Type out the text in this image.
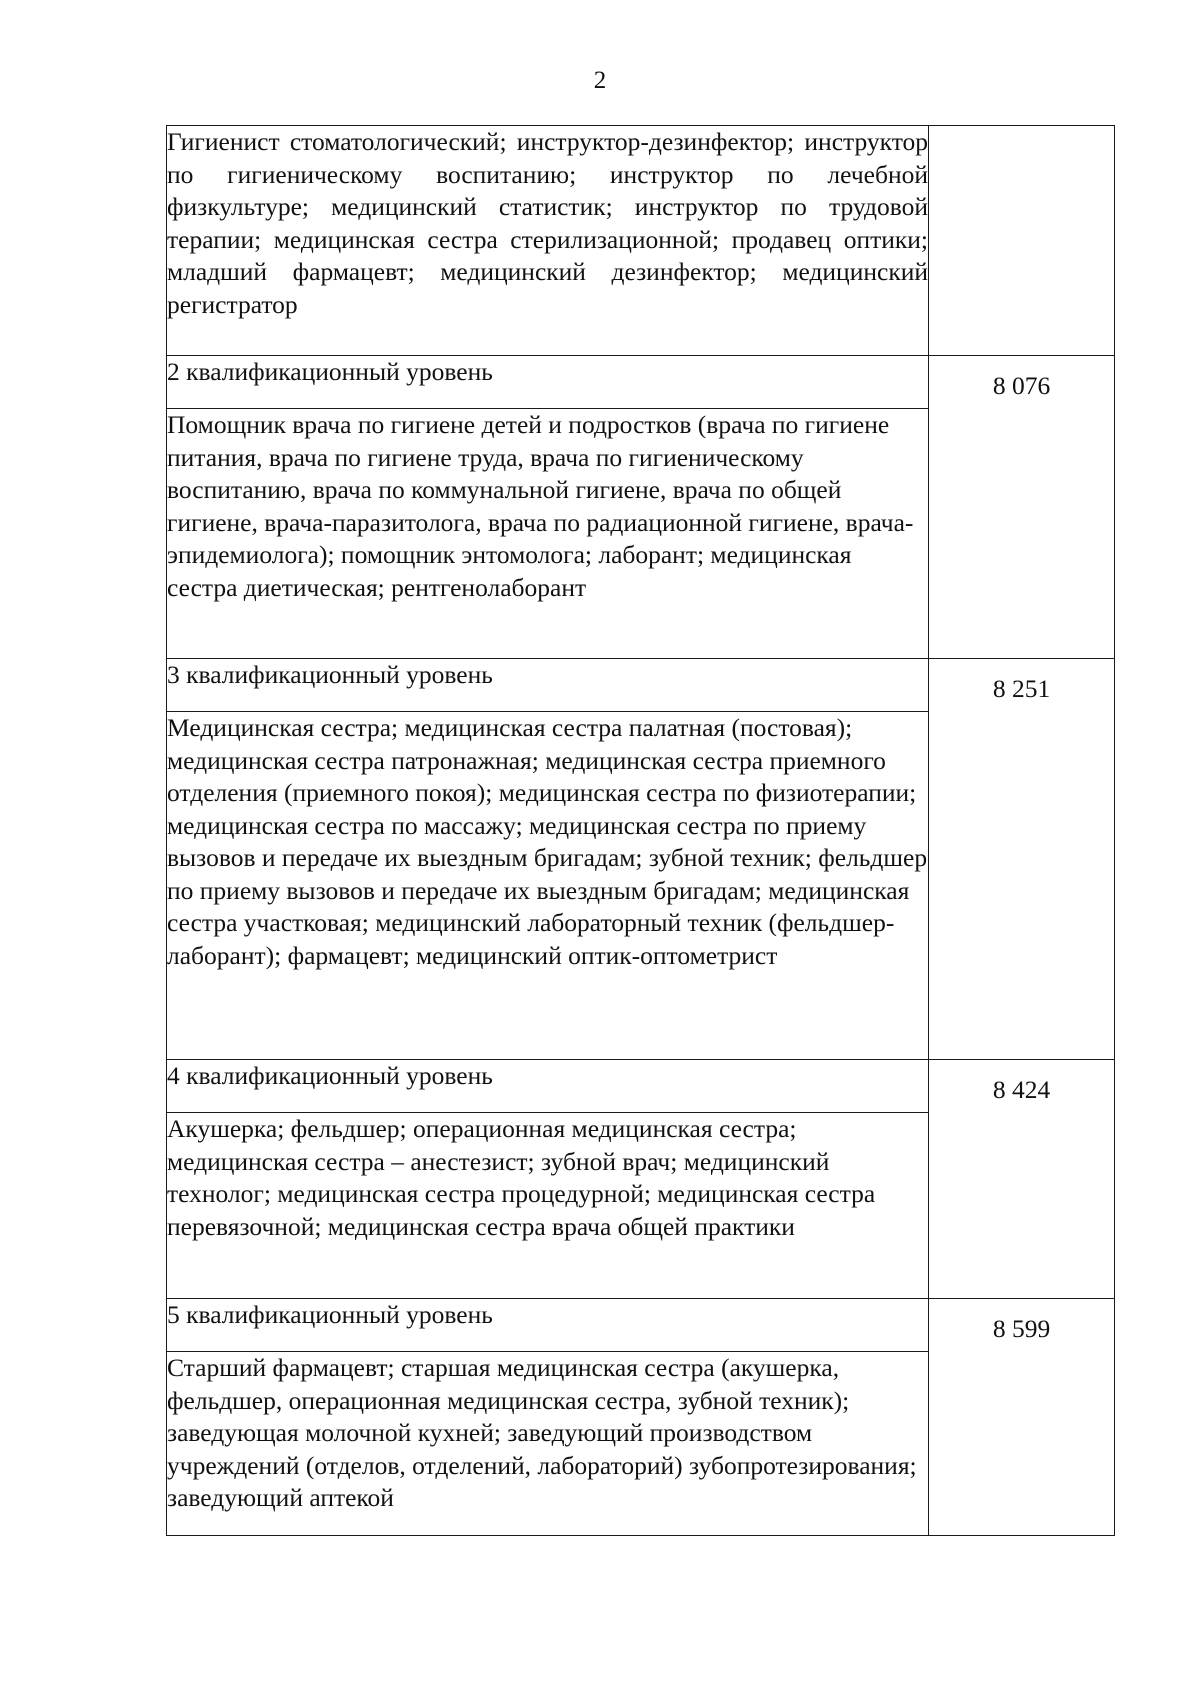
2
Гигиенист стоматологический; инструктор-дезинфектор; инструктор по гигиеническому воспитанию; инструктор по лечебной физкультуре; медицинский статистик; инструктор по трудовой терапии; медицинская сестра стерилизационной; продавец оптики; младший фармацевт; медицинский дезинфектор; медицинский регистратор	
2 квалификационный уровень	8 076
Помощник врача по гигиене детей и подростков (врача по гигиене питания, врача по гигиене труда, врача по гигиеническому воспитанию, врача по коммунальной гигиене, врача по общей гигиене, врача-паразитолога, врача по радиационной гигиене, врача-эпидемиолога); помощник энтомолога; лаборант; медицинская сестра диетическая; рентгенолаборант	
3 квалификационный уровень	8 251
Медицинская сестра; медицинская сестра палатная (постовая); медицинская сестра патронажная; медицинская сестра приемного отделения (приемного покоя); медицинская сестра по физиотерапии; медицинская сестра по массажу; медицинская сестра по приему вызовов и передаче их выездным бригадам; зубной техник; фельдшер по приему вызовов и передаче их выездным бригадам; медицинская сестра участковая; медицинский лабораторный техник (фельдшер-лаборант); фармацевт; медицинский оптик-оптометрист	
4 квалификационный уровень	8 424
Акушерка; фельдшер; операционная медицинская сестра; медицинская сестра – анестезист; зубной врач; медицинский технолог; медицинская сестра процедурной; медицинская сестра перевязочной; медицинская сестра врача общей практики	
5 квалификационный уровень	8 599
Старший фармацевт; старшая медицинская сестра (акушерка, фельдшер, операционная медицинская сестра, зубной техник); заведующая молочной кухней; заведующий производством учреждений (отделов, отделений, лабораторий) зубопротезирования; заведующий аптекой	
